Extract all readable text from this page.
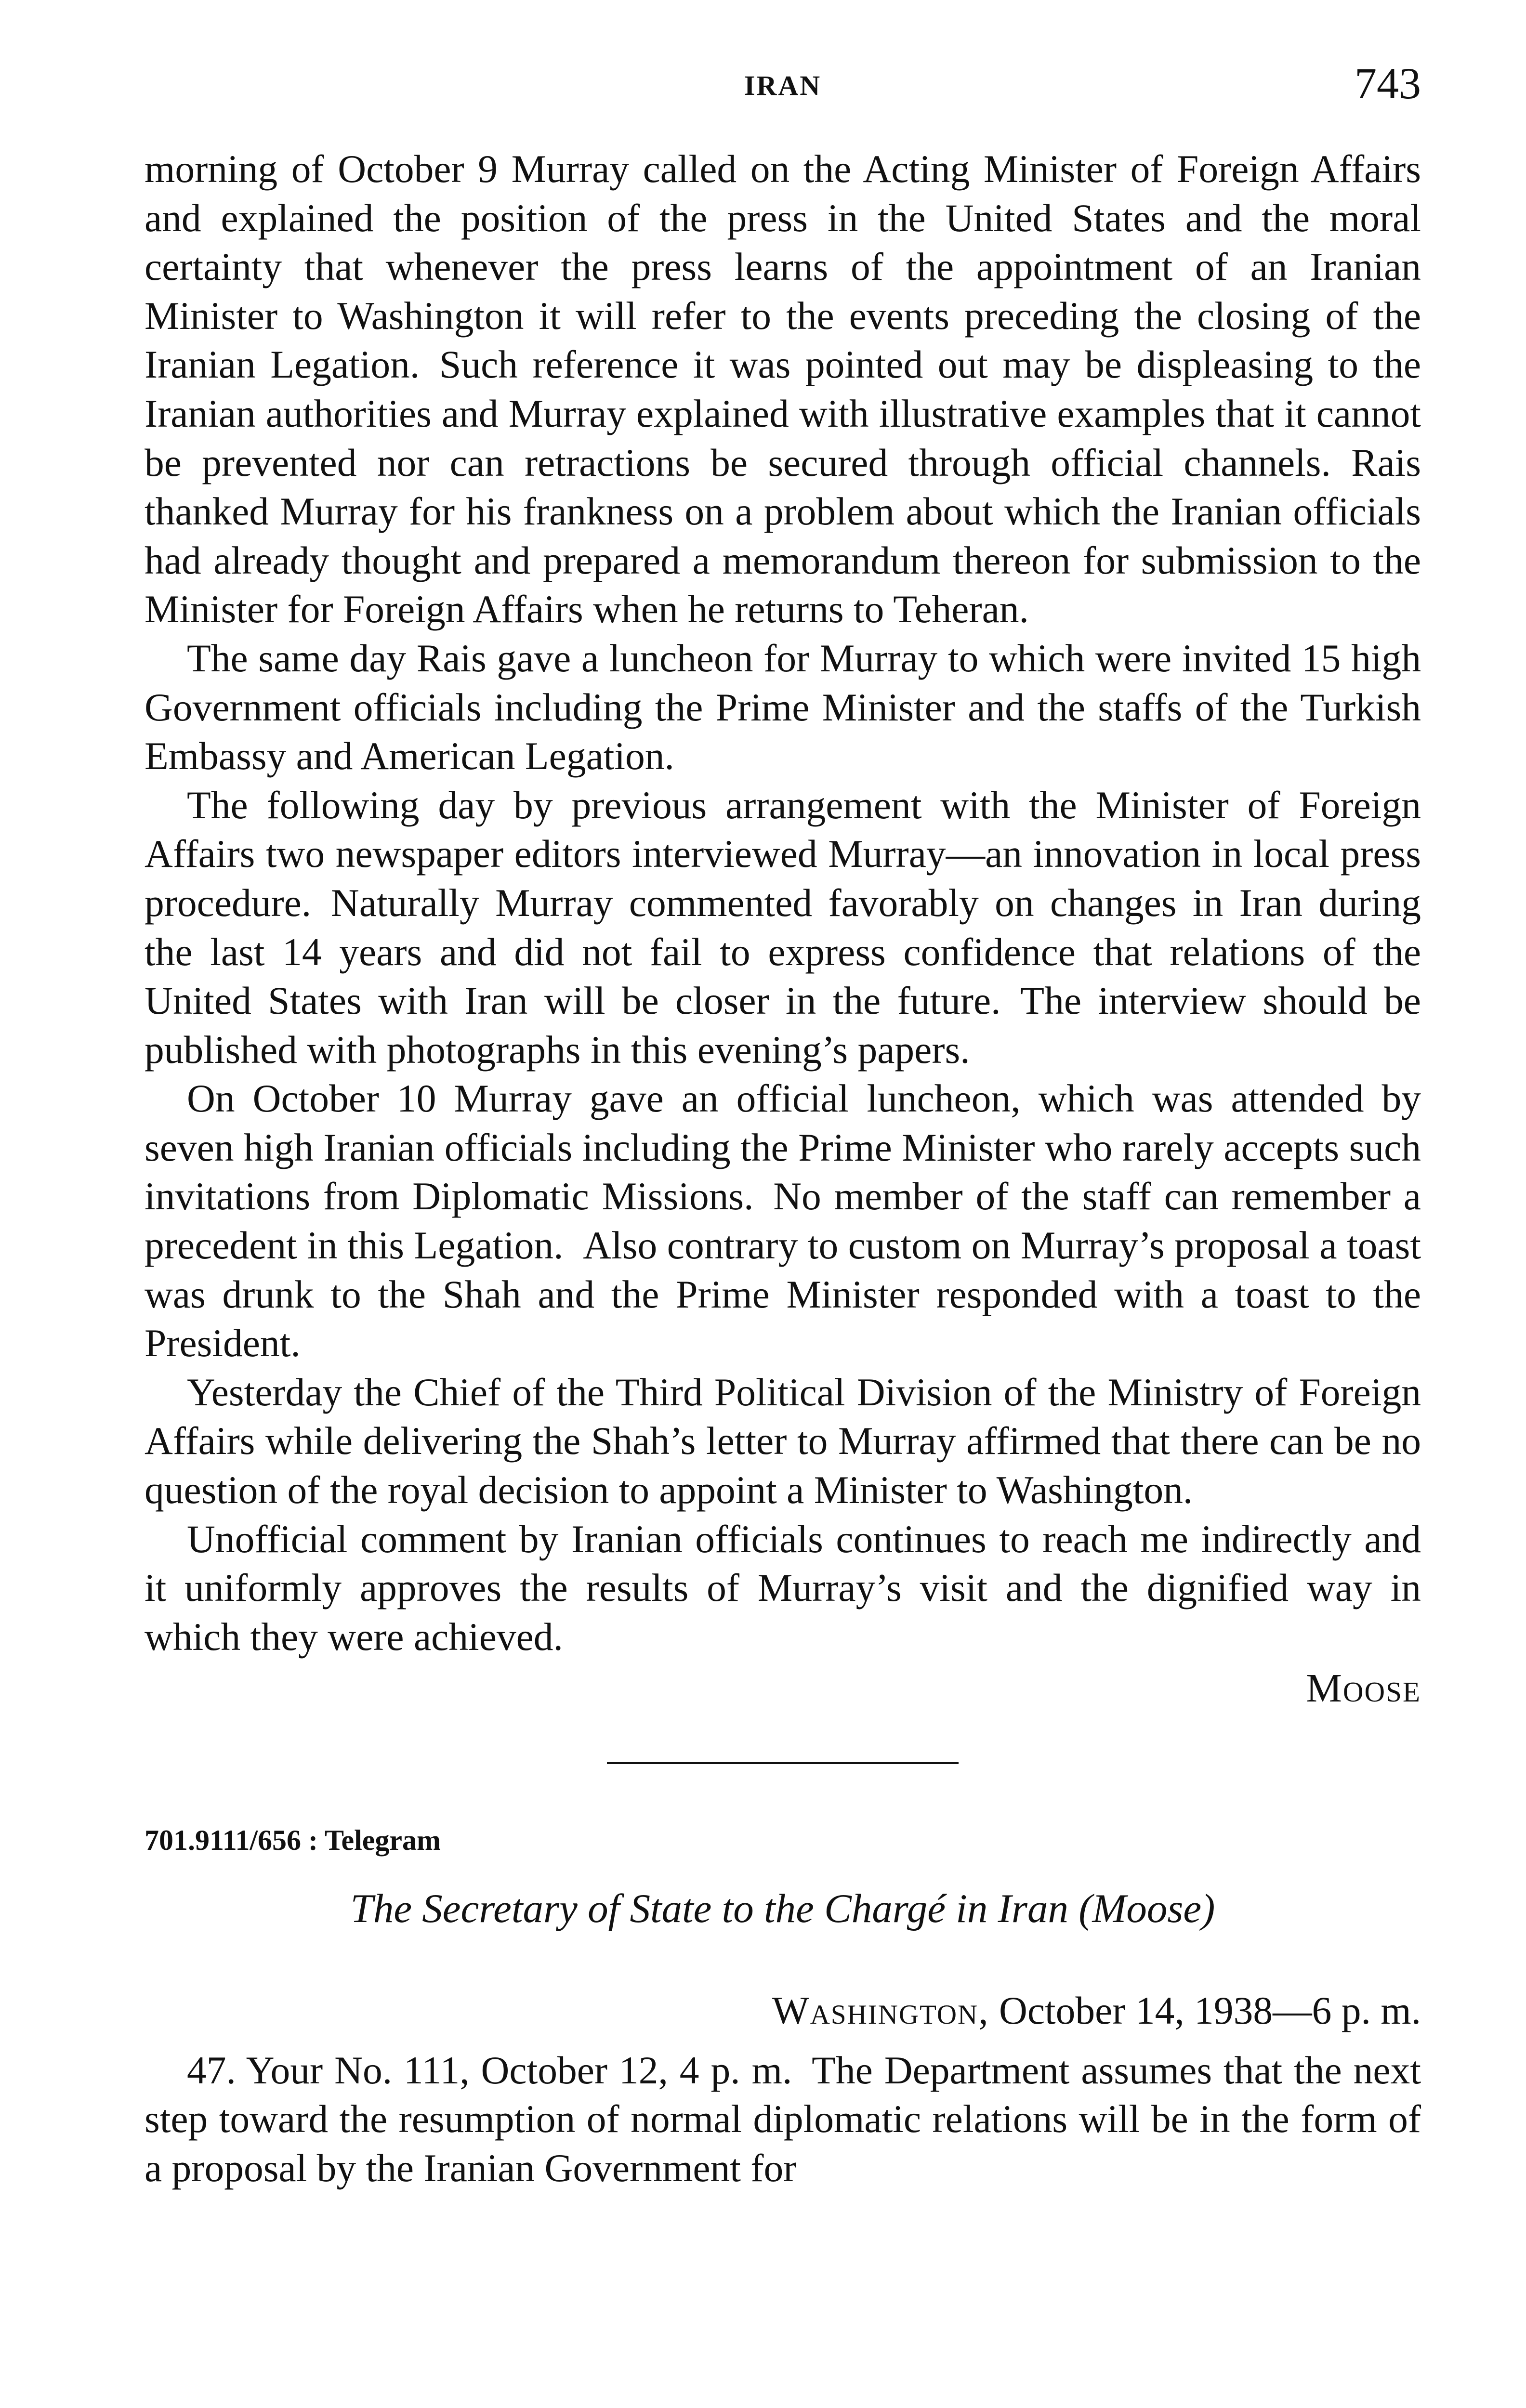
IRAN	743

morning of October 9 Murray called on the Acting Minister of Foreign Affairs and explained the position of the press in the United States and the moral certainty that whenever the press learns of the appointment of an Iranian Minister to Washington it will refer to the events preceding the closing of the Iranian Legation. Such reference it was pointed out may be displeasing to the Iranian authorities and Murray explained with illustrative examples that it cannot be prevented nor can retractions be secured through official channels. Rais thanked Murray for his frankness on a problem about which the Iranian officials had already thought and prepared a memorandum thereon for submission to the Minister for Foreign Affairs when he returns to Teheran.

The same day Rais gave a luncheon for Murray to which were invited 15 high Government officials including the Prime Minister and the staffs of the Turkish Embassy and American Legation.

The following day by previous arrangement with the Minister of Foreign Affairs two newspaper editors interviewed Murray—an innovation in local press procedure. Naturally Murray commented favorably on changes in Iran during the last 14 years and did not fail to express confidence that relations of the United States with Iran will be closer in the future. The interview should be published with photographs in this evening’s papers.

On October 10 Murray gave an official luncheon, which was attended by seven high Iranian officials including the Prime Minister who rarely accepts such invitations from Diplomatic Missions. No member of the staff can remember a precedent in this Legation. Also contrary to custom on Murray’s proposal a toast was drunk to the Shah and the Prime Minister responded with a toast to the President.

Yesterday the Chief of the Third Political Division of the Ministry of Foreign Affairs while delivering the Shah’s letter to Murray affirmed that there can be no question of the royal decision to appoint a Minister to Washington.

Unofficial comment by Iranian officials continues to reach me indirectly and it uniformly approves the results of Murray’s visit and the dignified way in which they were achieved.

Moose

701.9111/656 : Telegram

The Secretary of State to the Chargé in Iran (Moose)

Washington, October 14, 1938—6 p. m.

47. Your No. 111, October 12, 4 p. m. The Department assumes that the next step toward the resumption of normal diplomatic relations will be in the form of a proposal by the Iranian Government for
